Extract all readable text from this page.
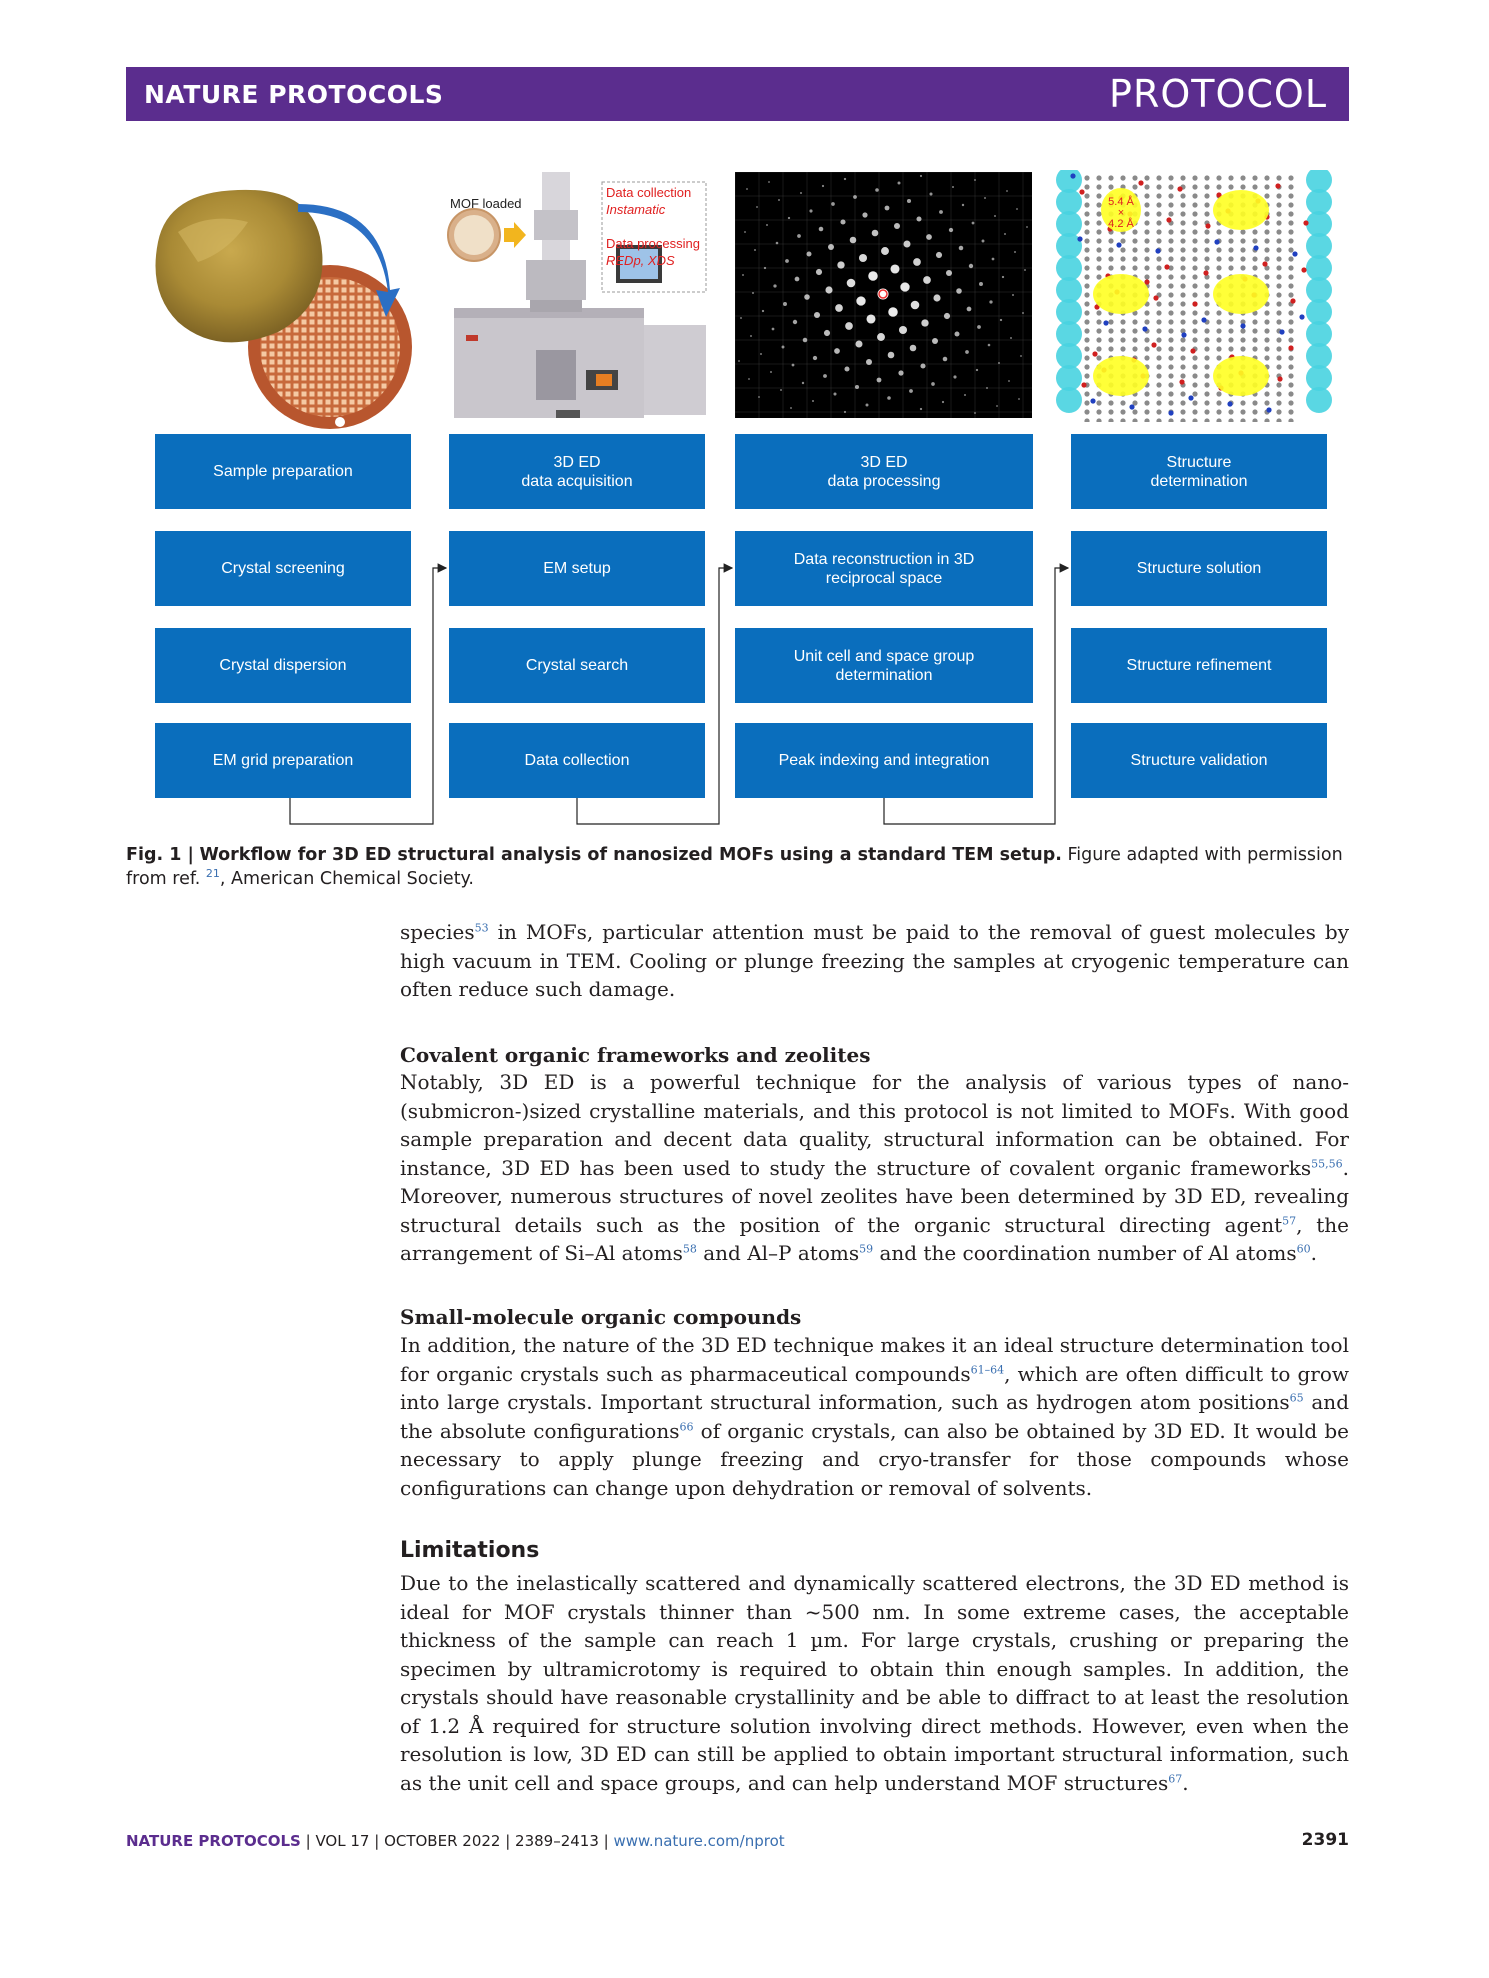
NATURE PROTOCOLS	PROTOCOL
MOF loaded
Data collection
Instamatic
Data processing
REDp, XDS
5.4 Å
×
4.2 Å
Sample preparation
Crystal screening
Crystal dispersion
EM grid preparation
3D ED
data acquisition
EM setup
Crystal search
Data collection
3D ED
data processing
Data reconstruction in 3D
reciprocal space
Unit cell and space group
determination
Peak indexing and integration
Structure
determination
Structure solution
Structure refinement
Structure validation
Fig. 1 | Workflow for 3D ED structural analysis of nanosized MOFs using a standard TEM setup. Figure adapted with permission from ref. $^{21}$, American Chemical Society.
species$^{53}$ in MOFs, particular attention must be paid to the removal of guest molecules by high vacuum in TEM. Cooling or plunge freezing the samples at cryogenic temperature can often reduce such damage.
Covalent organic frameworks and zeolites
Notably, 3D ED is a powerful technique for the analysis of various types of nano- (submicron-)sized crystalline materials, and this protocol is not limited to MOFs. With good sample preparation and decent data quality, structural information can be obtained. For instance, 3D ED has been used to study the structure of covalent organic frameworks$^{55,56}$. Moreover, numerous structures of novel zeolites have been determined by 3D ED, revealing structural details such as the position of the organic structural directing agent$^{57}$, the arrangement of Si–Al atoms$^{58}$ and Al–P atoms$^{59}$ and the coordination number of Al atoms$^{60}$.
Small-molecule organic compounds
In addition, the nature of the 3D ED technique makes it an ideal structure determination tool for organic crystals such as pharmaceutical compounds$^{61-64}$, which are often difficult to grow into large crystals. Important structural information, such as hydrogen atom positions$^{65}$ and the absolute configurations$^{66}$ of organic crystals, can also be obtained by 3D ED. It would be necessary to apply plunge freezing and cryo-transfer for those compounds whose configurations can change upon dehydration or removal of solvents.
Limitations
Due to the inelastically scattered and dynamically scattered electrons, the 3D ED method is ideal for MOF crystals thinner than ~500 nm. In some extreme cases, the acceptable thickness of the sample can reach 1 µm. For large crystals, crushing or preparing the specimen by ultramicrotomy is required to obtain thin enough samples. In addition, the crystals should have reasonable crystallinity and be able to diffract to at least the resolution of 1.2 Å required for structure solution involving direct methods. However, even when the resolution is low, 3D ED can still be applied to obtain important structural information, such as the unit cell and space groups, and can help understand MOF structures$^{67}$.
NATURE PROTOCOLS | VOL 17 | OCTOBER 2022 | 2389–2413 | www.nature.com/nprot	2391
